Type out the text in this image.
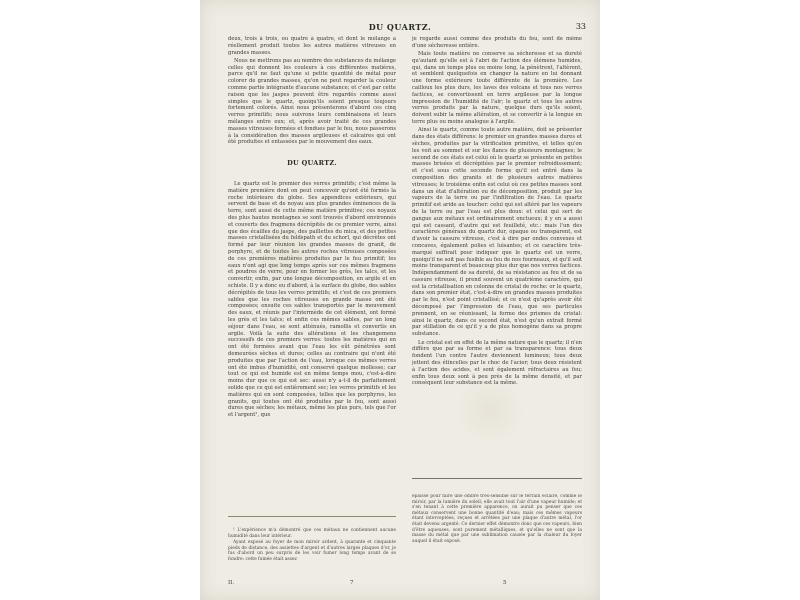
DU QUARTZ.	33

deux, trois à trois, ou quatre à quatre, et dont le mélange a réellement produit toutes les autres matières vitreuses en grandes masses.

Nous ne mettrons pas au nombre des substances du mélange celles qui donnent les couleurs à ces différentes matières, parce qu'il ne faut qu'une si petite quantité de métal pour colorer de grandes masses, qu'on ne peut regarder la couleur comme partie intégrante d'aucune substance; et c'est par cette raison que les jaspes peuvent être regardés comme aussi simples que le quartz, quoiqu'ils soient presque toujours fortement colorés. Ainsi nous présenterons d'abord ces cinq verres primitifs; nous suivrons leurs combinaisons et leurs mélanges entre eux; et, après avoir traité de ces grandes masses vitreuses formées et fondues par le feu, nous passerons à la considération des masses argileuses et calcaires qui ont été produites et entassées par le mouvement des eaux.

DU QUARTZ.

Le quartz est le premier des verres primitifs; c'est même la matière première dont on peut concevoir qu'ont été formés la roche intérieure du globe. Ses appendices extérieurs, qui servent de base et de noyau aux plus grandes éminences de la terre, sont aussi de cette même matière primitive; ces noyaux des plus hautes montagnes se sont trouvés d'abord environnés et couverts des fragmens décrépités de ce premier verre, ainsi que des écailles du jaspe, des paillettes du mica, et des petites masses cristallisées du feldspath et du schorl, qui décrètes ont formé par leur réunion les grandes masses de granit, de porphyre, et de toutes les autres roches vitreuses composées de ces premières matières produites par le feu primitif; les eaux n'ont agi que long temps après sur ces mêmes fragmens et poudres de verre, pour en former les grès, les talcs, et les convertir, enfin, par une longue décomposition, en argile et en schiste. Il y a donc eu d'abord, à la surface du globe, des sables décrépités de tous les verres primitifs; et c'est de ces premiers sables que les roches vitreuses en grande masse ont été composées; ensuite ces sables transportés par le mouvement des eaux, et réunis par l'intermède de cet élément, ont formé les grès et les talcs; et enfin ces mêmes sables, par un long séjour dans l'eau, se sont atténués, ramollis et convertis en argile. Voilà la suite des altérations et les changemens successifs de ces premiers verres: toutes les matières qui en ont été formées avant que l'eau les eût pénétrées sont demeurées sèches et dures; celles au contraire qui n'ont été produites que par l'action de l'eau, lorsque ces mêmes verres ont été imbus d'humidité, ont conservé quelque mollesse; car tout ce qui est humide est en même temps mou, c'est-à-dire moins dur que ce qui est sec: aussi n'y a-t-il de parfaitement solide que ce qui est entièrement sec; les verres primitifs et les matières qui en sont composées, telles que les porphyres, les granits, qui toutes ont été produites par le feu, sont aussi dures que sèches; les métaux, même les plus purs, tels que l'or et l'argent¹, que

je regarde aussi comme des produits du feu, sont de même d'une sécheresse entière.

Mais toute matière ne conserve sa sécheresse et sa dureté qu'autant qu'elle est à l'abri de l'action des élémens humides, qui, dans un temps plus ou moins long, la pénètrent, l'altèrent, et semblent quelquefois en changer la nature en lui donnant une forme extérieure toute différente de la première. Les cailloux les plus durs, les laves des volcans et tous nos verres factices, se convertissent en terre argileuse par la longue impression de l'humidité de l'air; le quartz et tous les autres verres produits par la nature, quelque durs qu'ils soient, doivent subir la même altération, et se convertir à la longue en terre plus ou moins analogue à l'argile.

Ainsi le quartz, comme toute autre matière, doit se présenter dans des états différens: le premier en grandes masses dures et sèches, produites par la vitrification primitive, et telles qu'on les voit au sommet et sur les flancs de plusieurs montagnes; le second de ces états est celui où le quartz se présente en petites masses brisées et décrépitées par le premier refroidissement; et c'est sous cette seconde forme qu'il est entré dans la composition des granits et de plusieurs autres matières vitreuses; le troisième enfin est celui où ces petites masses sont dans un état d'altération ou de décomposition, produit par les vapeurs de la terre ou par l'infiltration de l'eau. Le quartz primitif est aride au toucher: celui qui est altéré par les vapeurs de la terre ou par l'eau est plus doux: et celui qui sert de gangue aux métaux est ordinairement onctueux; il y en a aussi qui est cassant, d'autre qui est feuilleté, etc.: mais l'un des caractères généraux du quartz dur, opaque ou transparent, est d'avoir la cassure vitreuse, c'est à dire par ondes convexes et concaves, également polies et luisantes; et ce caractère très-marqué suffirait pour indiquer que le quartz est un verre, quoiqu'il ne soit pas fusible au feu de nos fourneaux, et qu'il soit moins transparent et beaucoup plus dur que nos verres factices. Indépendamment de sa dureté, de sa résistance au feu et de sa cassure vitreuse, il prend souvent un quatrième caractère, qui est la cristallisation en colonne de cristal de roche: or le quartz, dans son premier état, c'est-à-dire en grandes masses produites par le feu, n'est point cristallisé; et ce n'est qu'après avoir été décomposé par l'impression de l'eau, que ses particules prennent, en se réunissant, la forme des prismes du cristal: ainsi le quartz, dans ce second état, n'est qu'un extrait formé par stillation de ce qu'il y a de plus homogène dans sa propre substance.

Le cristal est en effet de la même nature que le quartz; il n'en diffère que par sa forme et par sa transparence: tous deux fondent l'un contre l'autre deviennent lumineux; tous deux jettent des étincelles par le choc de l'acier; tous deux résistent à l'action des acides, et sont également réfractaires au feu; enfin tous deux sont à peu près de la même densité, et par conséquent leur substance est la même.

épaisse pour faire une ombre très-sensible sur le terrain éclairé, comme le miroir, par la lumière du soleil; elle avait tout l'air d'une vapeur humide; et s'en tenant à cette première apparence, on aurait pu penser que ces métaux conservent une bonne quantité d'eau; mais ces mêmes vapeurs étant interceptées, reçues et arrêtées par une plaque d'autre métal, l'or était devenu argenté. Ce dernier effet démontre donc que ces vapeurs, bien d'être aqueuses, sont purement métalliques, et qu'elles ne sont que la masse du métal que par une sublimation causée par la chaleur du foyer auquel il était exposé.

¹ L'expérience m'a démontré que ces métaux ne contiennent aucune humidité dans leur intérieur.

Ayant exposé au foyer de mon miroir ardent, à quarante et cinquante pieds de distance, des assiettes d'argent et d'autres larges plaques d'or, je fus d'abord un peu surpris de les voir fumer long temps avant de se fondre: cette fumée était assez

II.	7	5
